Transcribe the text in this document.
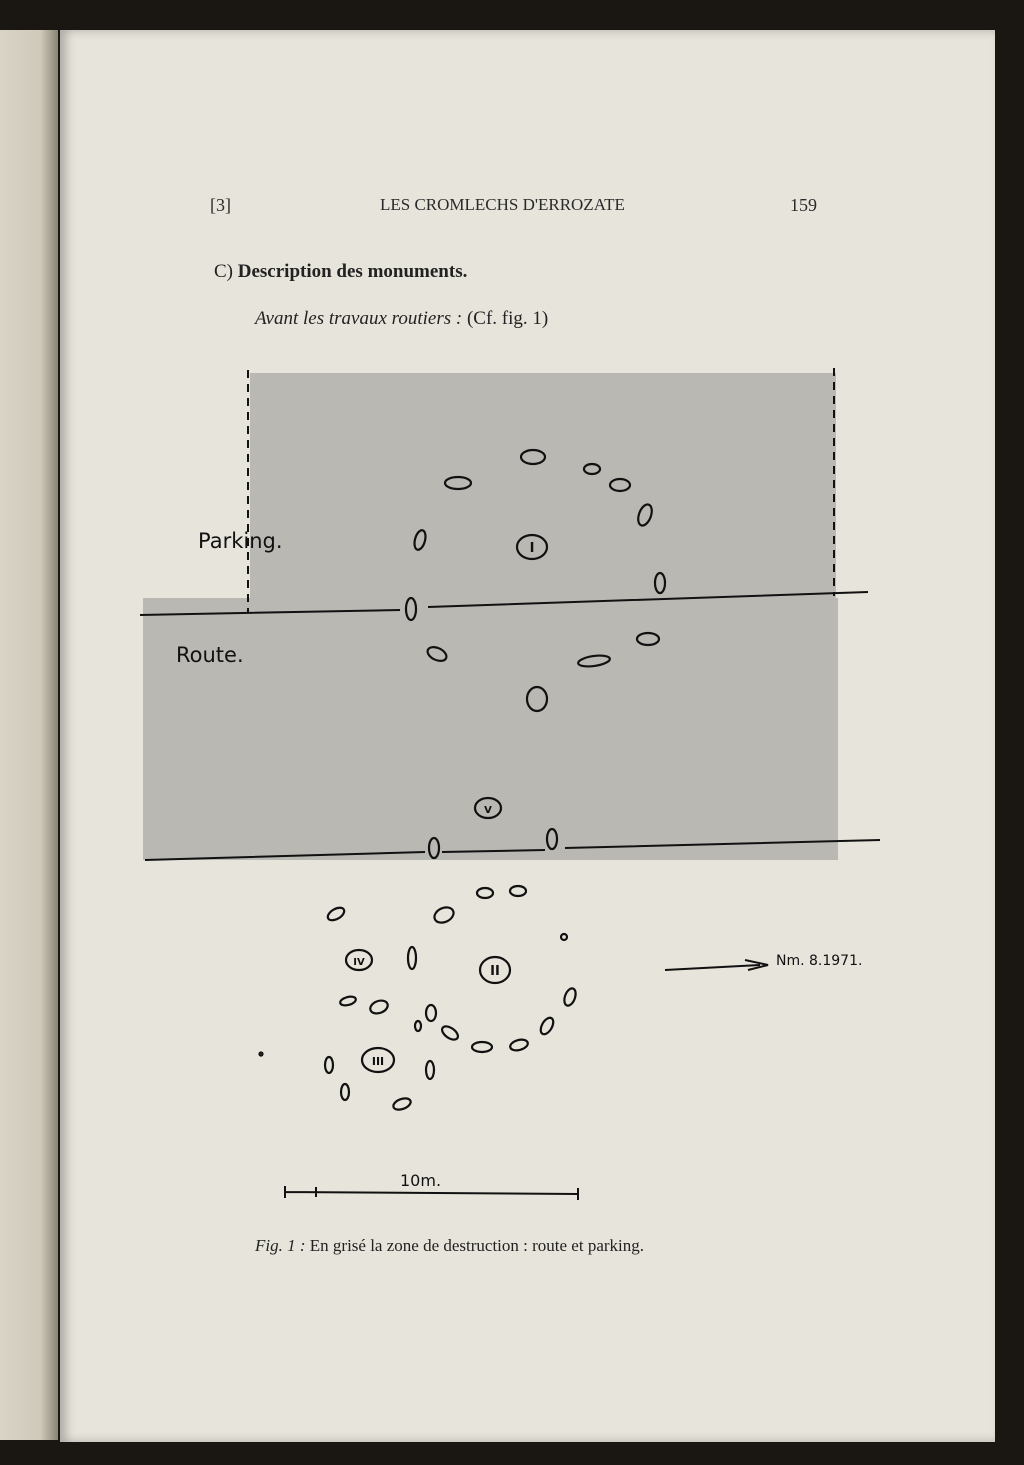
[3]	LES CROMLECHS D'ERROZATE	159
C) Description des monuments.
Avant les travaux routiers : (Cf. fig. 1)
I
II
III
IV
V
Parking.
Route.
Nm. 8.1971.
10m.
Fig. 1 : En grisé la zone de destruction : route et parking.
